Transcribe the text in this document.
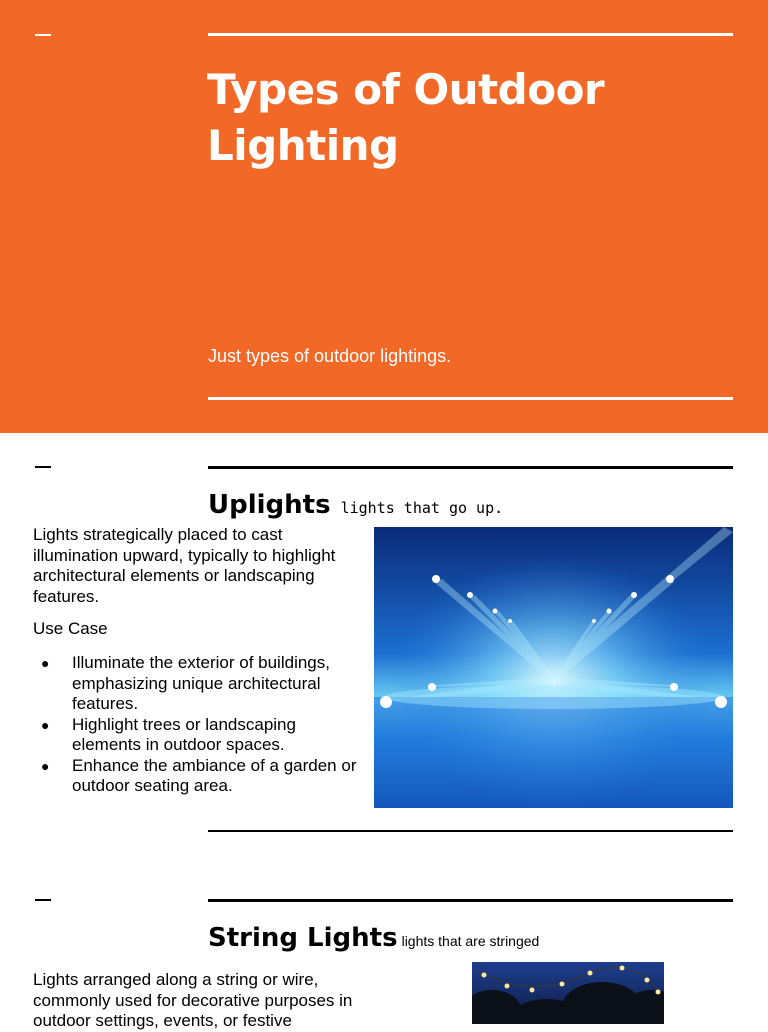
Types of Outdoor Lighting
Just types of outdoor lightings.
Uplights lights that go up.

Lights strategically placed to cast illumination upward, typically to highlight architectural elements or landscaping features.

Use Case
● Illuminate the exterior of buildings, emphasizing unique architectural features.
● Highlight trees or landscaping elements in outdoor spaces.
● Enhance the ambiance of a garden or outdoor seating area.
String Lights lights that are stringed

Lights arranged along a string or wire, commonly used for decorative purposes in outdoor settings, events, or festive
